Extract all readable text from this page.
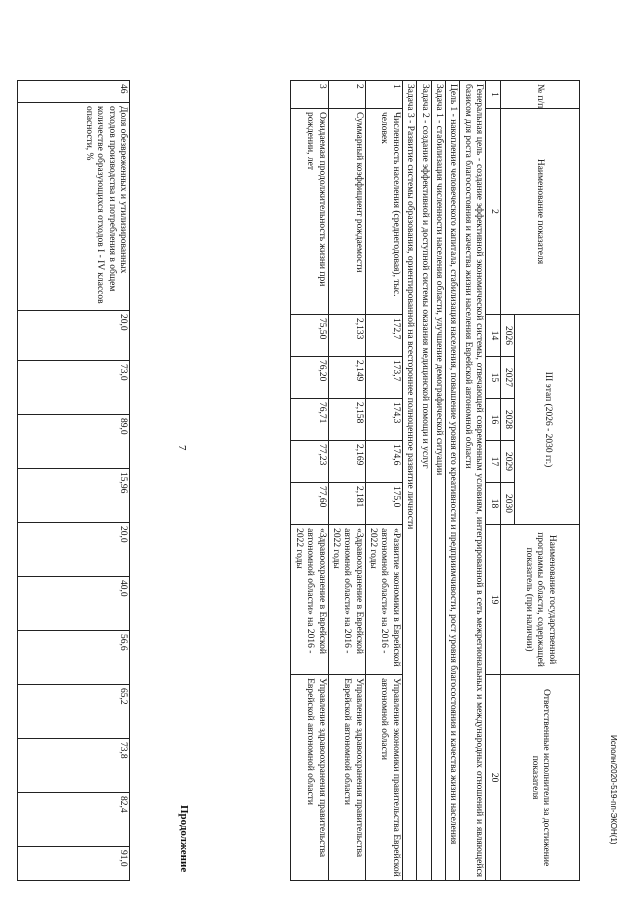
7
46	Доля обезвреженных и утилизированных отходов производства и потребления в общем количестве образующихся отходов I - IV классов опасности, %	20,0	73,0	89,0	15,96	20,0	40,0	56,6	65,2	73,8	82,4	91,0	Продолжение
№ п/п	Наименование показателя	III этап (2026 - 2030 гг.)					Наименование государственной программы области, содержащей показатель (при наличии)	Ответственные исполнители за достижение показателя
		2026	2027	2028	2029	2030		
1	2	14	15	16	17	18	19	20
Генеральная цель - создание эффективной экономической системы, отвечающей современным условиям, интегрированной в сеть межрегиональных и международных отношений и являющейся базисом для роста благосостояния и качества жизни населения Еврейской автономной области								
Цель 1 - накопление человеческого капитала, стабилизация населения, повышение уровня его креативности и предприимчивости, рост уровня благосостояния и качества жизни населения								
Задача 1 - стабилизация численности населения области, улучшение демографической ситуации								
Задача 2 - создание эффективной и доступной системы оказания медицинской помощи и услуг								
Задача 3 - Развитие системы образования, ориентированной на всестороннее полноценное развитие личности								
1	Численность населения (среднегодовая), тыс. человек	172,7	173,7	174,3	174,6	175,0	«Развитие экономики в Еврейской автономной области» на 2016 - 2022 годы	Управление экономики правительства Еврейской автономной области
2	Суммарный коэффициент рождаемости	2,133	2,149	2,158	2,169	2,181	«Здравоохранение в Еврейской автономной области» на 2016 - 2022 годы	Управление здравоохранения правительства Еврейской автономной области
3	Ожидаемая продолжительность жизни при рождении, лет	75,50	76,20	76,71	77,23	77,60	«Здравоохранение в Еврейской автономной области» на 2016 - 2022 годы	Управление здравоохранения правительства Еврейской автономной области	Исполн/2020-519-пп-ЭКОН(1)
